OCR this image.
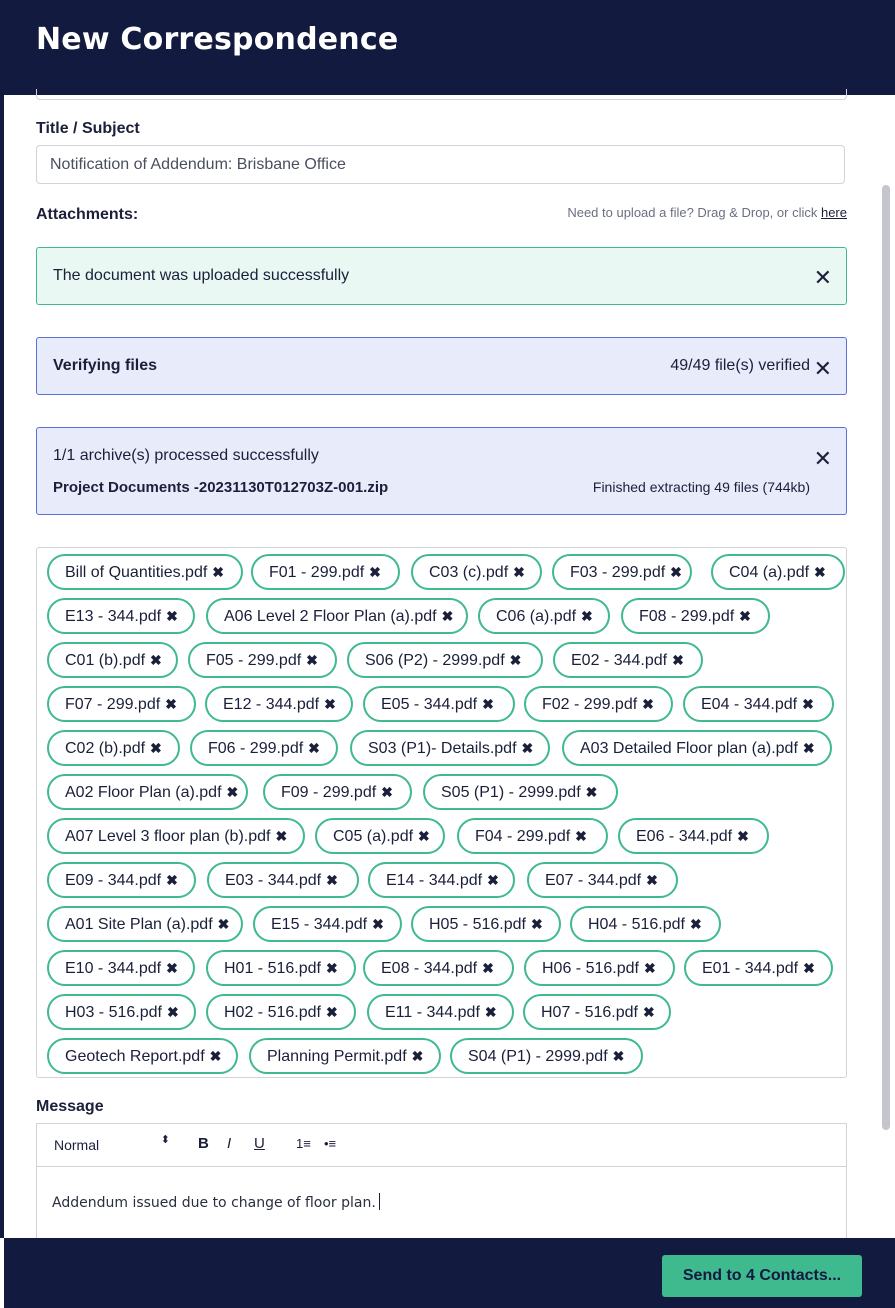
New Correspondence
Title / Subject
Notification of Addendum: Brisbane Office
Attachments:	Need to upload a file? Drag & Drop, or click here
The document was uploaded successfully	✕
Verifying files	49/49 file(s) verified ✕
1/1 archive(s) processed successfully
Project Documents -20231130T012703Z-001.zip	Finished extracting 49 files (744kb)
✕
Bill of Quantities.pdf ✖	F01 - 299.pdf ✖	C03 (c).pdf ✖	F03 - 299.pdf ✖	C04 (a).pdf ✖
E13 - 344.pdf ✖	A06 Level 2 Floor Plan (a).pdf ✖	C06 (a).pdf ✖	F08 - 299.pdf ✖
C01 (b).pdf ✖	F05 - 299.pdf ✖	S06 (P2) - 2999.pdf ✖	E02 - 344.pdf ✖
F07 - 299.pdf ✖	E12 - 344.pdf ✖	E05 - 344.pdf ✖	F02 - 299.pdf ✖	E04 - 344.pdf ✖
C02 (b).pdf ✖	F06 - 299.pdf ✖	S03 (P1)- Details.pdf ✖	A03 Detailed Floor plan (a).pdf ✖
A02 Floor Plan (a).pdf ✖	F09 - 299.pdf ✖	S05 (P1) - 2999.pdf ✖
A07 Level 3 floor plan (b).pdf ✖	C05 (a).pdf ✖	F04 - 299.pdf ✖	E06 - 344.pdf ✖
E09 - 344.pdf ✖	E03 - 344.pdf ✖	E14 - 344.pdf ✖	E07 - 344.pdf ✖
A01 Site Plan (a).pdf ✖	E15 - 344.pdf ✖	H05 - 516.pdf ✖	H04 - 516.pdf ✖
E10 - 344.pdf ✖	H01 - 516.pdf ✖	E08 - 344.pdf ✖	H06 - 516.pdf ✖	E01 - 344.pdf ✖
H03 - 516.pdf ✖	H02 - 516.pdf ✖	E11 - 344.pdf ✖	H07 - 516.pdf ✖
Geotech Report.pdf ✖	Planning Permit.pdf ✖	S04 (P1) - 2999.pdf ✖
Message
Normal	⬍ B I U 1≡ •≡
Addendum issued due to change of floor plan.
Send to 4 Contacts...
